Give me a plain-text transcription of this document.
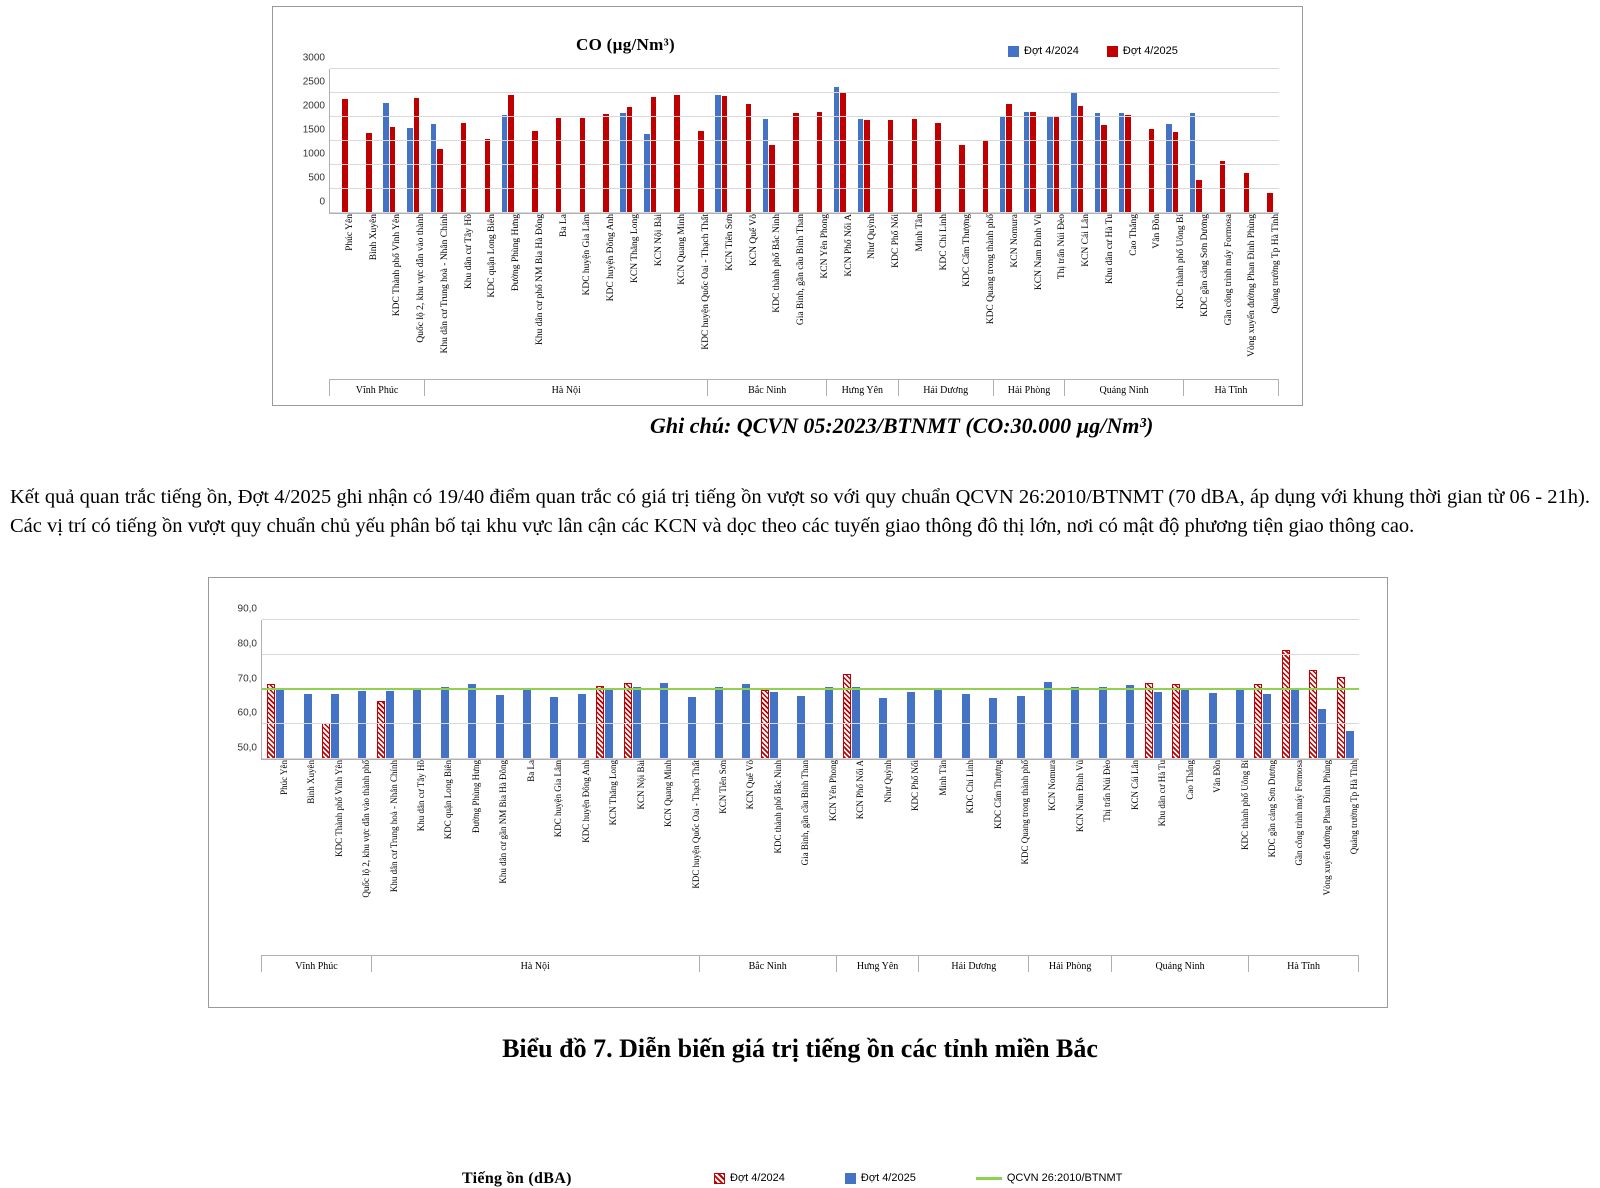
CO (µg/Nm³)	Đợt 4/2024	Đợt 4/2025
0
500
1000
1500
2000
2500
3000
Phúc Yên Bình Xuyên KDC Thành phố Vĩnh Yên Quốc lộ 2, khu vực dẫn vào thành Khu dân cư Trung hoà - Nhân Chính Khu dân cư Tây Hồ KDC quận Long Biên Đường Phùng Hưng Khu dân cư phố NM Bia Hà Đông Ba La KDC huyện Gia Lâm KDC huyện Đông Anh KCN Thăng Long KCN Nội Bài KCN Quang Minh KDC huyện Quốc Oai - Thạch Thất KCN Tiên Sơn KCN Quế Võ KDC thành phố Bắc Ninh Gia Bình, gần cầu Bình Than KCN Yên Phong KCN Phố Nối A Như Quỳnh KDC Phố Nối Minh Tân KDC Chí Linh KDC Cẩm Thượng KDC Quang trong thành phố KCN Nomura KCN Nam Đình Vũ Thị trấn Núi Đèo KCN Cái Lân Khu dân cư Hà Tu Cao Thắng Vân Đồn KDC thành phố Uông Bí KDC gần cảng Sơn Dương Gần công trình máy Formosa Vòng xuyến đường Phan Đình Phùng Quảng trường Tp Hà Tĩnh
Vĩnh Phúc	Hà Nội	Bắc Ninh	Hưng Yên	Hải Dương	Hải Phòng	Quảng Ninh	Hà Tĩnh
Ghi chú: QCVN 05:2023/BTNMT (CO:30.000 µg/Nm³)

Kết quả quan trắc tiếng ồn, Đợt 4/2025 ghi nhận có 19/40 điểm quan trắc có giá trị tiếng ồn vượt so với quy chuẩn QCVN 26:2010/BTNMT (70 dBA, áp dụng với khung thời gian từ 06 - 21h). Các vị trí có tiếng ồn vượt quy chuẩn chủ yếu phân bố tại khu vực lân cận các KCN và dọc theo các tuyến giao thông đô thị lớn, nơi có mật độ phương tiện giao thông cao.

Tiếng ồn (dBA)	Đợt 4/2024	Đợt 4/2025	QCVN 26:2010/BTNMT
50,0
60,0
70,0
80,0
90,0
Phúc Yên Bình Xuyên KDC Thành phố Vĩnh Yên Quốc lộ 2, khu vực dẫn vào thành phố Khu dân cư Trung hoà - Nhân Chính Khu dân cư Tây Hồ KDC quận Long Biên Đường Phùng Hưng Khu dân cư gần NM Bia Hà Đông Ba La KDC huyện Gia Lâm KDC huyện Đông Anh KCN Thăng Long KCN Nội Bài KCN Quang Minh KDC huyện Quốc Oai - Thạch Thất KCN Tiên Sơn KCN Quế Võ KDC thành phố Bắc Ninh Gia Bình, gần cầu Bình Than KCN Yên Phong KCN Phố Nối A Như Quỳnh KDC Phố Nối Minh Tân KDC Chí Linh KDC Cẩm Thượng KDC Quang trong thành phố KCN Nomura KCN Nam Đình Vũ Thị trấn Núi Đèo KCN Cái Lân Khu dân cư Hà Tu Cao Thắng Vân Đồn KDC thành phố Uông Bí KDC gần cảng Sơn Dương Gần công trình máy Formosa Vòng xuyến đường Phan Đình Phùng Quảng trường Tp Hà Tĩnh
Vĩnh Phúc	Hà Nội	Bắc Ninh	Hưng Yên	Hải Dương	Hải Phòng	Quảng Ninh	Hà Tĩnh
Biểu đồ 7. Diễn biến giá trị tiếng ồn các tỉnh miền Bắc
